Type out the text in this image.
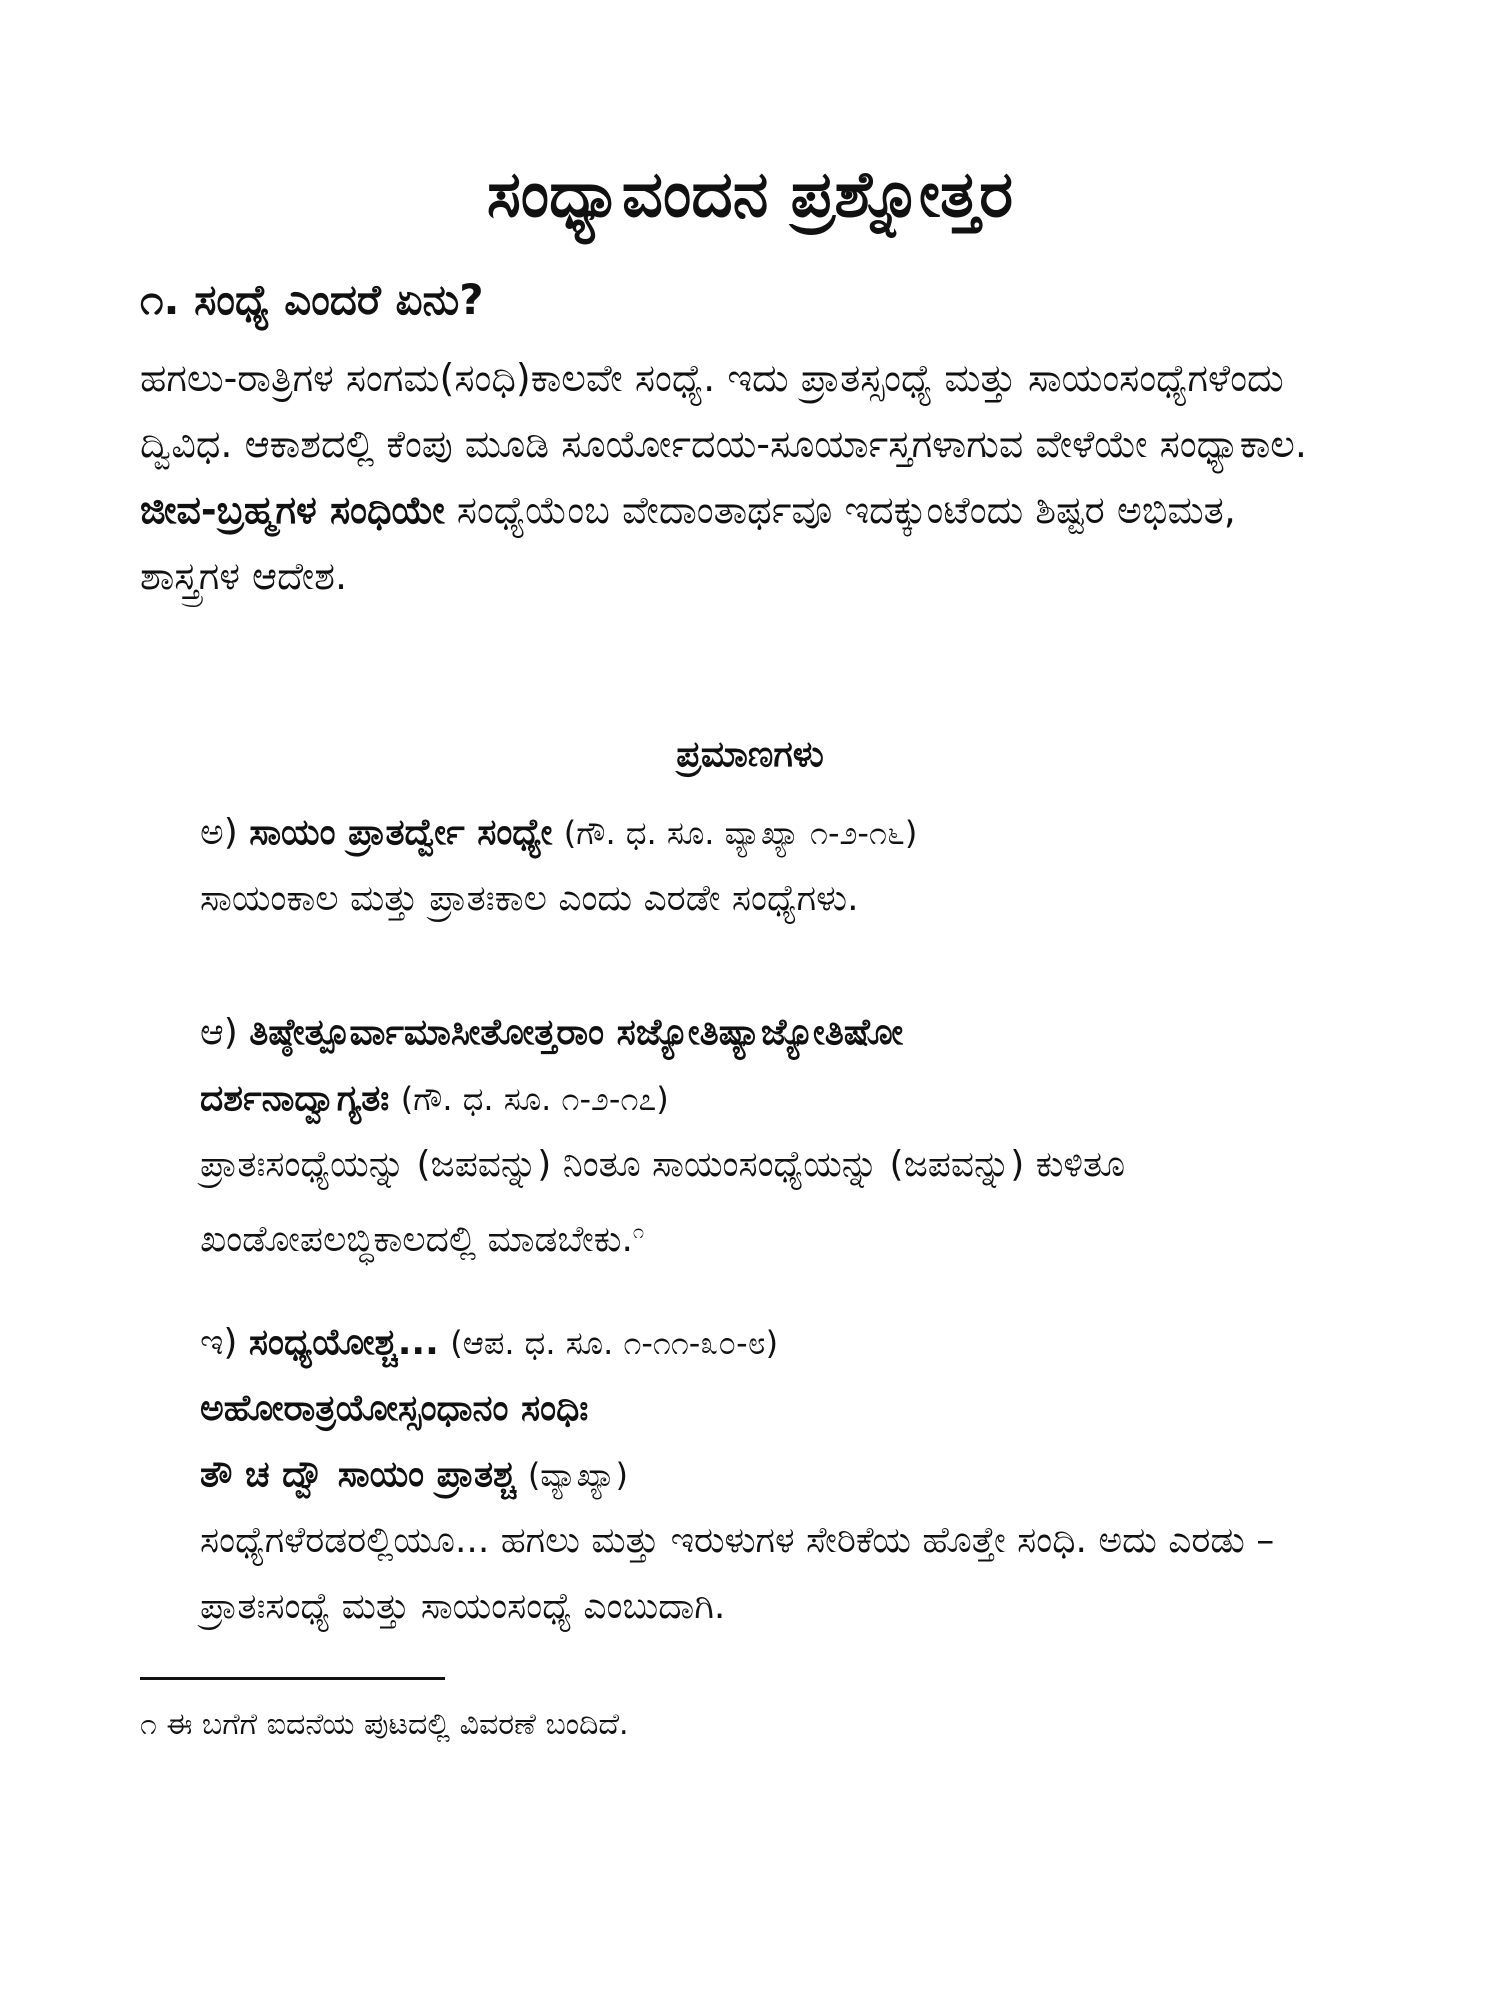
ಸಂಧ್ಯಾವಂದನ ಪ್ರಶ್ನೋತ್ತರ
೧. ಸಂಧ್ಯೆ ಎಂದರೆ ಏನು?

ಹಗಲು-ರಾತ್ರಿಗಳ ಸಂಗಮ(ಸಂಧಿ)ಕಾಲವೇ ಸಂಧ್ಯೆ. ಇದು ಪ್ರಾತಸ್ಸಂಧ್ಯೆ ಮತ್ತು ಸಾಯಂಸಂಧ್ಯೆಗಳೆಂದು ದ್ವಿವಿಧ. ಆಕಾಶದಲ್ಲಿ ಕೆಂಪು ಮೂಡಿ ಸೂರ್ಯೋದಯ-ಸೂರ್ಯಾಸ್ತಗಳಾಗುವ ವೇಳೆಯೇ ಸಂಧ್ಯಾಕಾಲ. ಜೀವ-ಬ್ರಹ್ಮಗಳ ಸಂಧಿಯೇ ಸಂಧ್ಯೆಯೆಂಬ ವೇದಾಂತಾರ್ಥವೂ ಇದಕ್ಕುಂಟೆಂದು ಶಿಷ್ಟರ ಅಭಿಮತ, ಶಾಸ್ತ್ರಗಳ ಆದೇಶ.

ಪ್ರಮಾಣಗಳು

ಅ) ಸಾಯಂ ಪ್ರಾತರ್ದ್ವೇ ಸಂಧ್ಯೇ (ಗೌ. ಧ. ಸೂ. ವ್ಯಾಖ್ಯಾ ೧-೨-೧೬)

ಸಾಯಂಕಾಲ ಮತ್ತು ಪ್ರಾತಃಕಾಲ ಎಂದು ಎರಡೇ ಸಂಧ್ಯೆಗಳು.

ಆ) ತಿಷ್ಠೇತ್ಪೂರ್ವಾಮಾಸೀತೋತ್ತರಾಂ ಸಜ್ಯೋತಿಷ್ಯಾಜ್ಯೋತಿಷೋ

ದರ್ಶನಾದ್ವಾಗ್ಯತಃ (ಗೌ. ಧ. ಸೂ. ೧-೨-೧೭)

ಪ್ರಾತಃಸಂಧ್ಯೆಯನ್ನು (ಜಪವನ್ನು) ನಿಂತೂ ಸಾಯಂಸಂಧ್ಯೆಯನ್ನು (ಜಪವನ್ನು) ಕುಳಿತೂ ಖಂಡೋಪಲಬ್ಧಿಕಾಲದಲ್ಲಿ ಮಾಡಬೇಕು.$^೧$

ಇ) ಸಂಧ್ಯಯೋಶ್ಚ... (ಆಪ. ಧ. ಸೂ. ೧-೧೧-೩೦-೮)

ಅಹೋರಾತ್ರಯೋಸ್ಸಂಧಾನಂ ಸಂಧಿಃ

ತೌ ಚ ದ್ವೌ ಸಾಯಂ ಪ್ರಾತಶ್ಚ (ವ್ಯಾಖ್ಯಾ)

ಸಂಧ್ಯೆಗಳೆರಡರಲ್ಲಿಯೂ... ಹಗಲು ಮತ್ತು ಇರುಳುಗಳ ಸೇರಿಕೆಯ ಹೊತ್ತೇ ಸಂಧಿ. ಅದು ಎರಡು – ಪ್ರಾತಃಸಂಧ್ಯೆ ಮತ್ತು ಸಾಯಂಸಂಧ್ಯೆ ಎಂಬುದಾಗಿ.

೧ ಈ ಬಗೆಗೆ ಐದನೆಯ ಪುಟದಲ್ಲಿ ವಿವರಣೆ ಬಂದಿದೆ.
